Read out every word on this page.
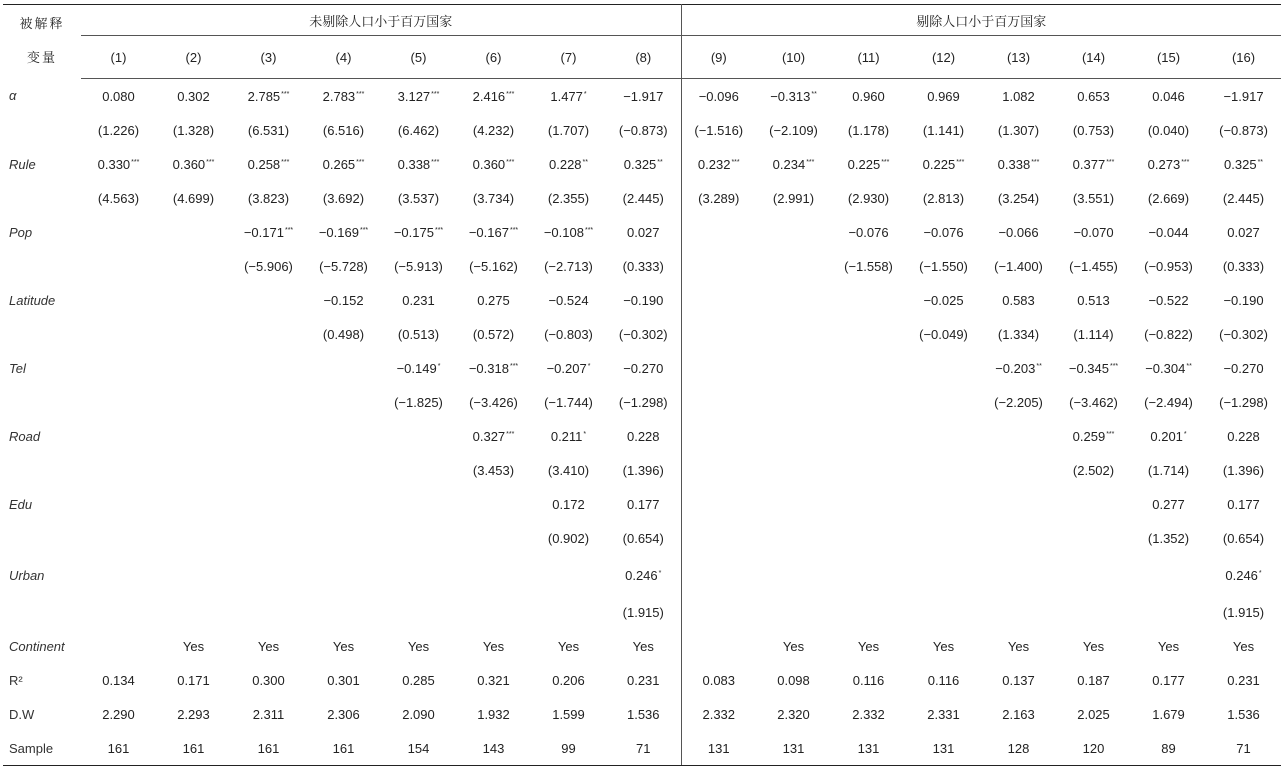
被解释
变量	未剔除人口小于百万国家								剔除人口小于百万国家							
	(1)	(2)	(3)	(4)	(5)	(6)	(7)	(8)	(9)	(10)	(11)	(12)	(13)	(14)	(15)	(16)
α	0.080	0.302	2.785***	2.783***	3.127***	2.416***	1.477*	−1.917	−0.096	−0.313**	0.960	0.969	1.082	0.653	0.046	−1.917
	(1.226)	(1.328)	(6.531)	(6.516)	(6.462)	(4.232)	(1.707)	(−0.873)	(−1.516)	(−2.109)	(1.178)	(1.141)	(1.307)	(0.753)	(0.040)	(−0.873)
Rule	0.330***	0.360***	0.258***	0.265***	0.338***	0.360***	0.228**	0.325**	0.232***	0.234***	0.225***	0.225***	0.338***	0.377***	0.273***	0.325**
	(4.563)	(4.699)	(3.823)	(3.692)	(3.537)	(3.734)	(2.355)	(2.445)	(3.289)	(2.991)	(2.930)	(2.813)	(3.254)	(3.551)	(2.669)	(2.445)
Pop			−0.171***	−0.169***	−0.175***	−0.167***	−0.108***	0.027			−0.076	−0.076	−0.066	−0.070	−0.044	0.027
			(−5.906)	(−5.728)	(−5.913)	(−5.162)	(−2.713)	(0.333)			(−1.558)	(−1.550)	(−1.400)	(−1.455)	(−0.953)	(0.333)
Latitude				−0.152	0.231	0.275	−0.524	−0.190				−0.025	0.583	0.513	−0.522	−0.190
				(0.498)	(0.513)	(0.572)	(−0.803)	(−0.302)				(−0.049)	(1.334)	(1.114)	(−0.822)	(−0.302)
Tel					−0.149*	−0.318***	−0.207*	−0.270					−0.203**	−0.345***	−0.304**	−0.270
					(−1.825)	(−3.426)	(−1.744)	(−1.298)					(−2.205)	(−3.462)	(−2.494)	(−1.298)
Road						0.327***	0.211*	0.228						0.259***	0.201*	0.228
						(3.453)	(3.410)	(1.396)						(2.502)	(1.714)	(1.396)
Edu							0.172	0.177							0.277	0.177
							(0.902)	(0.654)							(1.352)	(0.654)
Urban								0.246*								0.246*
								(1.915)								(1.915)
Continent		Yes	Yes	Yes	Yes	Yes	Yes	Yes		Yes	Yes	Yes	Yes	Yes	Yes	Yes
R²	0.134	0.171	0.300	0.301	0.285	0.321	0.206	0.231	0.083	0.098	0.116	0.116	0.137	0.187	0.177	0.231
D.W	2.290	2.293	2.311	2.306	2.090	1.932	1.599	1.536	2.332	2.320	2.332	2.331	2.163	2.025	1.679	1.536
Sample	161	161	161	161	154	143	99	71	131	131	131	131	128	120	89	71
